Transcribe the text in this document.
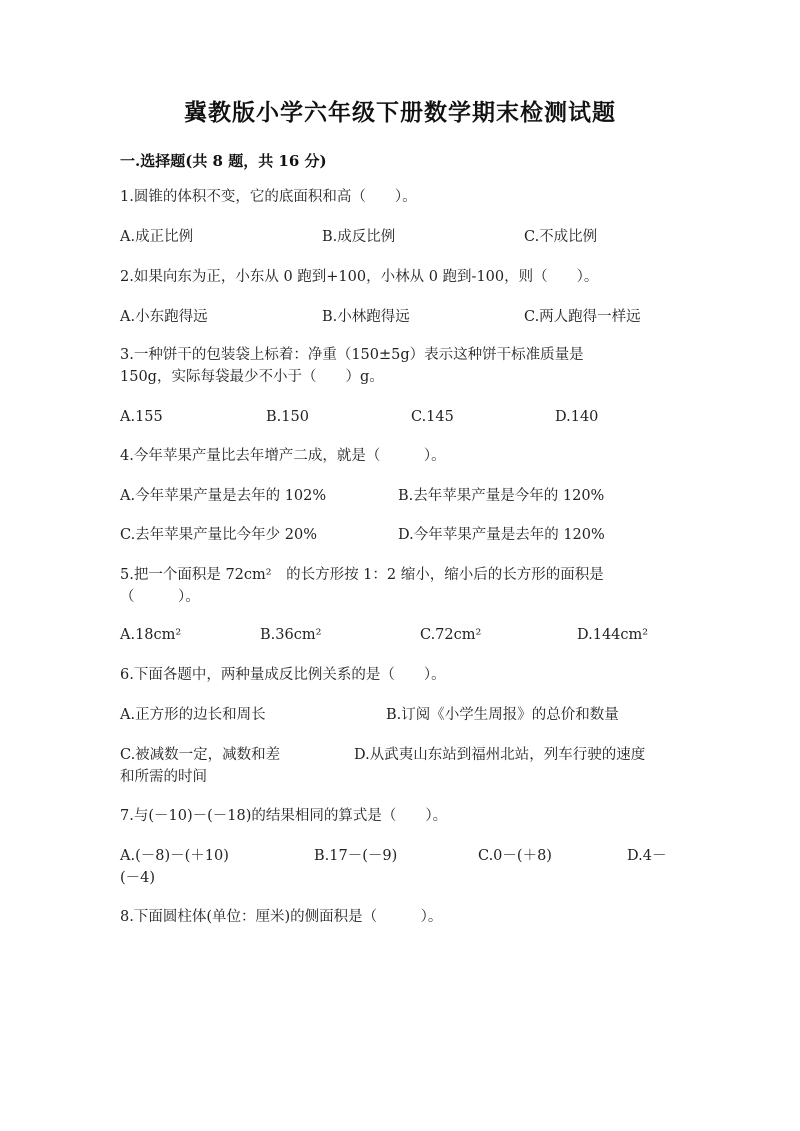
冀教版小学六年级下册数学期末检测试题
一.选择题(共 8 题，共 16 分)
1.圆锥的体积不变，它的底面积和高（　　）。
A.成正比例	B.成反比例	C.不成比例
2.如果向东为正，小东从 0 跑到+100，小林从 0 跑到-100，则（　　）。
A.小东跑得远	B.小林跑得远	C.两人跑得一样远
3.一种饼干的包装袋上标着：净重（150±5g）表示这种饼干标准质量是
150g，实际每袋最少不小于（　　）g。
A.155	B.150	C.145	D.140
4.今年苹果产量比去年增产二成，就是（　　　）。
A.今年苹果产量是去年的 102%	B.去年苹果产量是今年的 120%
C.去年苹果产量比今年少 20%	D.今年苹果产量是去年的 120%
5.把一个面积是 72cm²　的长方形按 1：2 缩小，缩小后的长方形的面积是
（　　　）。
A.18cm²	B.36cm²	C.72cm²	D.144cm²
6.下面各题中，两种量成反比例关系的是（　　）。
A.正方形的边长和周长	B.订阅《小学生周报》的总价和数量
C.被减数一定，减数和差	D.从武夷山东站到福州北站，列车行驶的速度
和所需的时间
7.与(－10)－(－18)的结果相同的算式是（　　）。
A.(－8)－(＋10)	B.17－(－9)	C.0－(＋8)	D.4－
(－4)
8.下面圆柱体(单位：厘米)的侧面积是（　　　）。
